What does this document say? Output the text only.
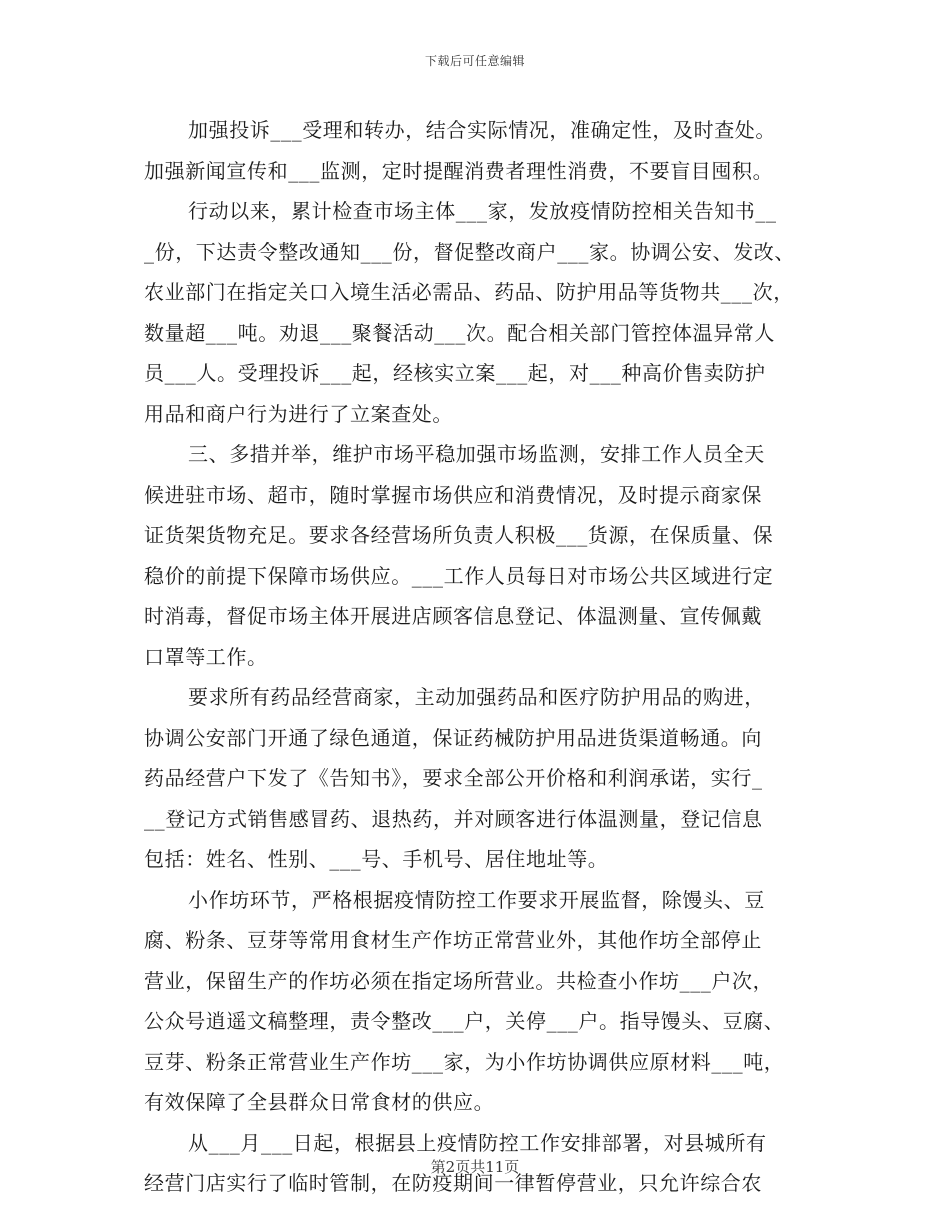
下载后可任意编辑
加强投诉___受理和转办，结合实际情况，准确定性，及时查处。
加强新闻宣传和___监测，定时提醒消费者理性消费，不要盲目囤积。
行动以来，累计检查市场主体___家，发放疫情防控相关告知书__
_份，下达责令整改通知___份，督促整改商户___家。协调公安、发改、
农业部门在指定关口入境生活必需品、药品、防护用品等货物共___次，
数量超___吨。劝退___聚餐活动___次。配合相关部门管控体温异常人
员___人。受理投诉___起，经核实立案___起，对___种高价售卖防护
用品和商户行为进行了立案查处。
三、多措并举，维护市场平稳加强市场监测，安排工作人员全天
候进驻市场、超市，随时掌握市场供应和消费情况，及时提示商家保
证货架货物充足。要求各经营场所负责人积极___货源，在保质量、保
稳价的前提下保障市场供应。___工作人员每日对市场公共区域进行定
时消毒，督促市场主体开展进店顾客信息登记、体温测量、宣传佩戴
口罩等工作。
要求所有药品经营商家，主动加强药品和医疗防护用品的购进，
协调公安部门开通了绿色通道，保证药械防护用品进货渠道畅通。向
药品经营户下发了《告知书》，要求全部公开价格和利润承诺，实行_
__登记方式销售感冒药、退热药，并对顾客进行体温测量，登记信息
包括：姓名、性别、___号、手机号、居住地址等。
小作坊环节，严格根据疫情防控工作要求开展监督，除馒头、豆
腐、粉条、豆芽等常用食材生产作坊正常营业外，其他作坊全部停止
营业，保留生产的作坊必须在指定场所营业。共检查小作坊___户次，
公众号逍遥文稿整理，责令整改___户，关停___户。指导馒头、豆腐、
豆芽、粉条正常营业生产作坊___家，为小作坊协调供应原材料___吨，
有效保障了全县群众日常食材的供应。
从___月___日起，根据县上疫情防控工作安排部署，对县城所有
经营门店实行了临时管制，在防疫期间一律暂停营业，只允许综合农
第2页共11页
